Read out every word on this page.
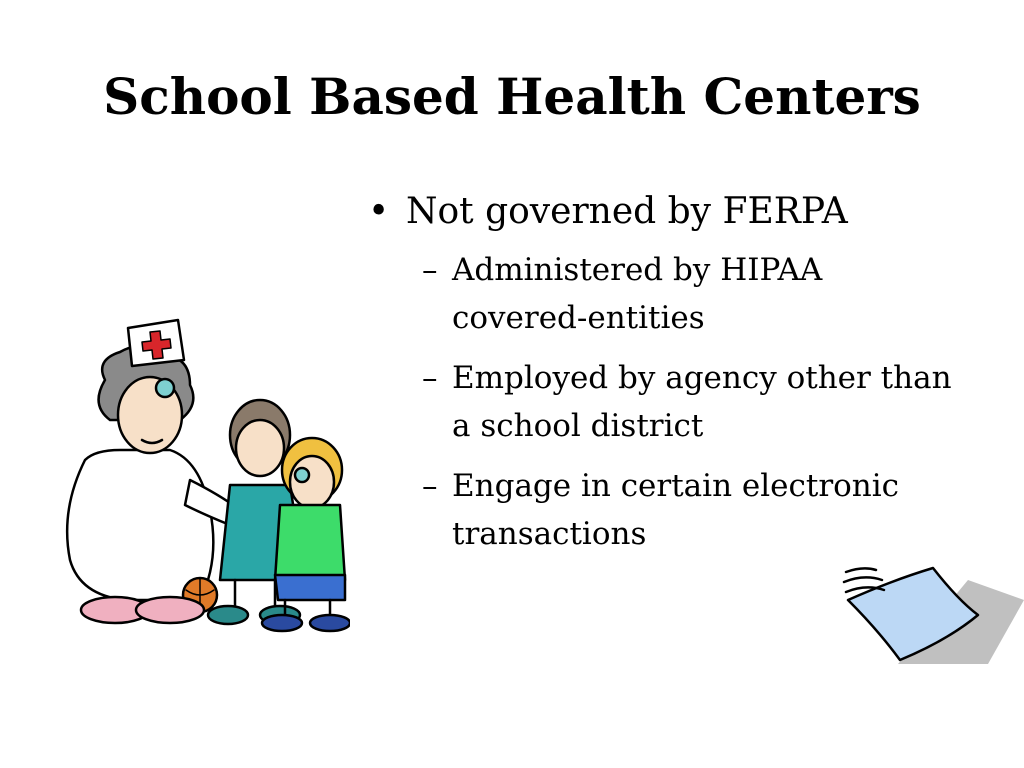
School Based Health Centers
• Not governed by FERPA
– Administered by HIPAA covered-entities
– Employed by agency other than a school district
– Engage in certain electronic transactions
